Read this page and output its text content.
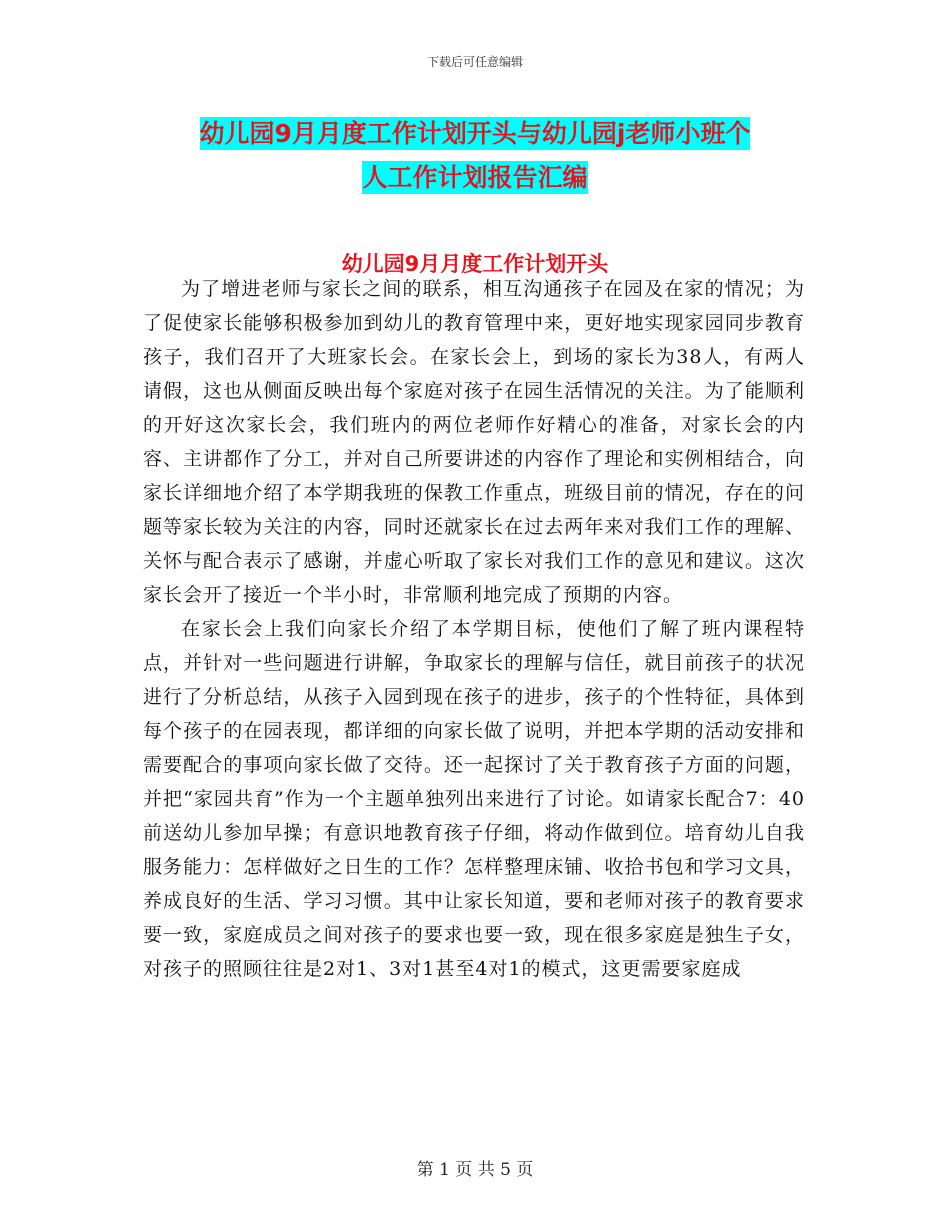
下载后可任意编辑
幼儿园9月月度工作计划开头与幼儿园j老师小班个
人工作计划报告汇编
幼儿园9月月度工作计划开头

为了增进老师与家长之间的联系，相互沟通孩子在园及在家的情况；为了促使家长能够积极参加到幼儿的教育管理中来，更好地实现家园同步教育孩子，我们召开了大班家长会。在家长会上，到场的家长为38人，有两人请假，这也从侧面反映出每个家庭对孩子在园生活情况的关注。为了能顺利的开好这次家长会，我们班内的两位老师作好精心的准备，对家长会的内容、主讲都作了分工，并对自己所要讲述的内容作了理论和实例相结合，向家长详细地介绍了本学期我班的保教工作重点，班级目前的情况，存在的问题等家长较为关注的内容，同时还就家长在过去两年来对我们工作的理解、关怀与配合表示了感谢，并虚心听取了家长对我们工作的意见和建议。这次家长会开了接近一个半小时，非常顺利地完成了预期的内容。

在家长会上我们向家长介绍了本学期目标，使他们了解了班内课程特点，并针对一些问题进行讲解，争取家长的理解与信任，就目前孩子的状况进行了分析总结，从孩子入园到现在孩子的进步，孩子的个性特征，具体到每个孩子的在园表现，都详细的向家长做了说明，并把本学期的活动安排和需要配合的事项向家长做了交待。还一起探讨了关于教育孩子方面的问题，并把“家园共育”作为一个主题单独列出来进行了讨论。如请家长配合7：40前送幼儿参加早操；有意识地教育孩子仔细，将动作做到位。培育幼儿自我服务能力：怎样做好之日生的工作？怎样整理床铺、收拾书包和学习文具，养成良好的生活、学习习惯。其中让家长知道，要和老师对孩子的教育要求要一致，家庭成员之间对孩子的要求也要一致，现在很多家庭是独生子女，对孩子的照顾往往是2对1、3对1甚至4对1的模式，这更需要家庭成

第 1 页 共 5 页
